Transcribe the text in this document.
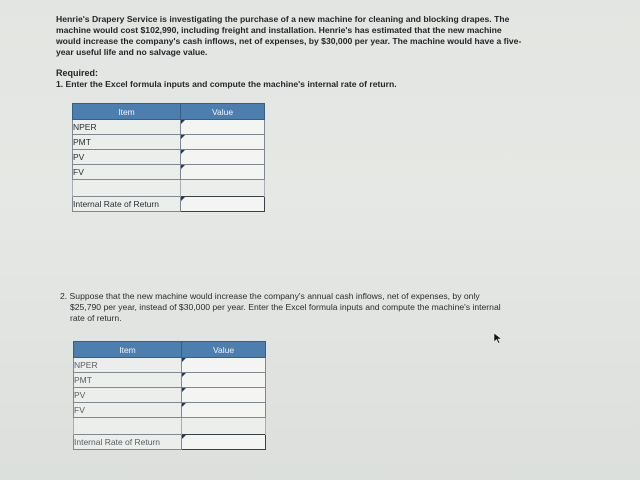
Henrie's Drapery Service is investigating the purchase of a new machine for cleaning and blocking drapes. The machine would cost $102,990, including freight and installation. Henrie's has estimated that the new machine would increase the company's cash inflows, net of expenses, by $30,000 per year. The machine would have a five-year useful life and no salvage value.
Required:
1. Enter the Excel formula inputs and compute the machine's internal rate of return.
Item	Value
NPER	

PMT	

PV	

FV	

Internal Rate of Return	
2. Suppose that the new machine would increase the company's annual cash inflows, net of expenses, by only $25,790 per year, instead of $30,000 per year. Enter the Excel formula inputs and compute the machine's internal rate of return.
Item	Value
NPER	

PMT	

PV	

FV	

Internal Rate of Return	
